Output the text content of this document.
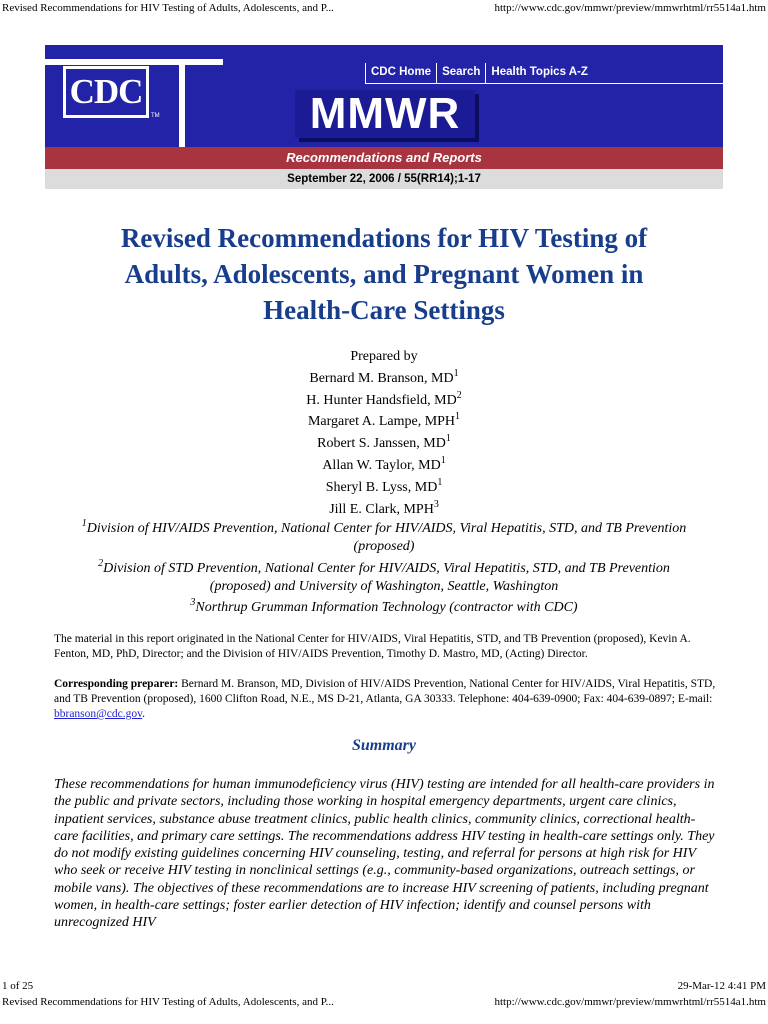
Revised Recommendations for HIV Testing of Adults, Adolescents, and P...	http://www.cdc.gov/mmwr/preview/mmwrhtml/rr5514a1.htm
CDC
TM
CDC Home Search Health Topics A-Z
MMWR
Recommendations and Reports
September 22, 2006 / 55(RR14);1-17
Revised Recommendations for HIV Testing of
Adults, Adolescents, and Pregnant Women in
Health-Care Settings
Prepared by
Bernard M. Branson, $MD^1$
H. Hunter Handsfield, $MD^2$
Margaret A. Lampe, MPH$^1$
Robert S. Janssen, $MD^1$
Allan W. Taylor, $MD^1$
Sheryl B. Lyss, $MD^1$
Jill E. Clark, MPH$^3$
$^1$Division of HIV/AIDS Prevention, National Center for HIV/AIDS, Viral Hepatitis, STD, and TB Prevention
(proposed)
$^2$Division of STD Prevention, National Center for HIV/AIDS, Viral Hepatitis, STD, and TB Prevention
(proposed) and University of Washington, Seattle, Washington
$^3$Northrup Grumman Information Technology (contractor with CDC)
The material in this report originated in the National Center for HIV/AIDS, Viral Hepatitis, STD, and TB Prevention (proposed), Kevin A. Fenton, MD, PhD, Director; and the Division of HIV/AIDS Prevention, Timothy D. Mastro, MD, (Acting) Director.
Corresponding preparer: Bernard M. Branson, MD, Division of HIV/AIDS Prevention, National Center for HIV/AIDS, Viral Hepatitis, STD, and TB Prevention (proposed), 1600 Clifton Road, N.E., MS D-21, Atlanta, GA 30333. Telephone: 404-639-0900; Fax: 404-639-0897; E-mail: bbranson@cdc.gov.
Summary
These recommendations for human immunodeficiency virus (HIV) testing are intended for all health-care providers in the public and private sectors, including those working in hospital emergency departments, urgent care clinics, inpatient services, substance abuse treatment clinics, public health clinics, community clinics, correctional health-care facilities, and primary care settings. The recommendations address HIV testing in health-care settings only. They do not modify existing guidelines concerning HIV counseling, testing, and referral for persons at high risk for HIV who seek or receive HIV testing in nonclinical settings (e.g., community-based organizations, outreach settings, or mobile vans). The objectives of these recommendations are to increase HIV screening of patients, including pregnant women, in health-care settings; foster earlier detection of HIV infection; identify and counsel persons with unrecognized HIV
1 of 25	29-Mar-12 4:41 PM
Revised Recommendations for HIV Testing of Adults, Adolescents, and P...	http://www.cdc.gov/mmwr/preview/mmwrhtml/rr5514a1.htm
